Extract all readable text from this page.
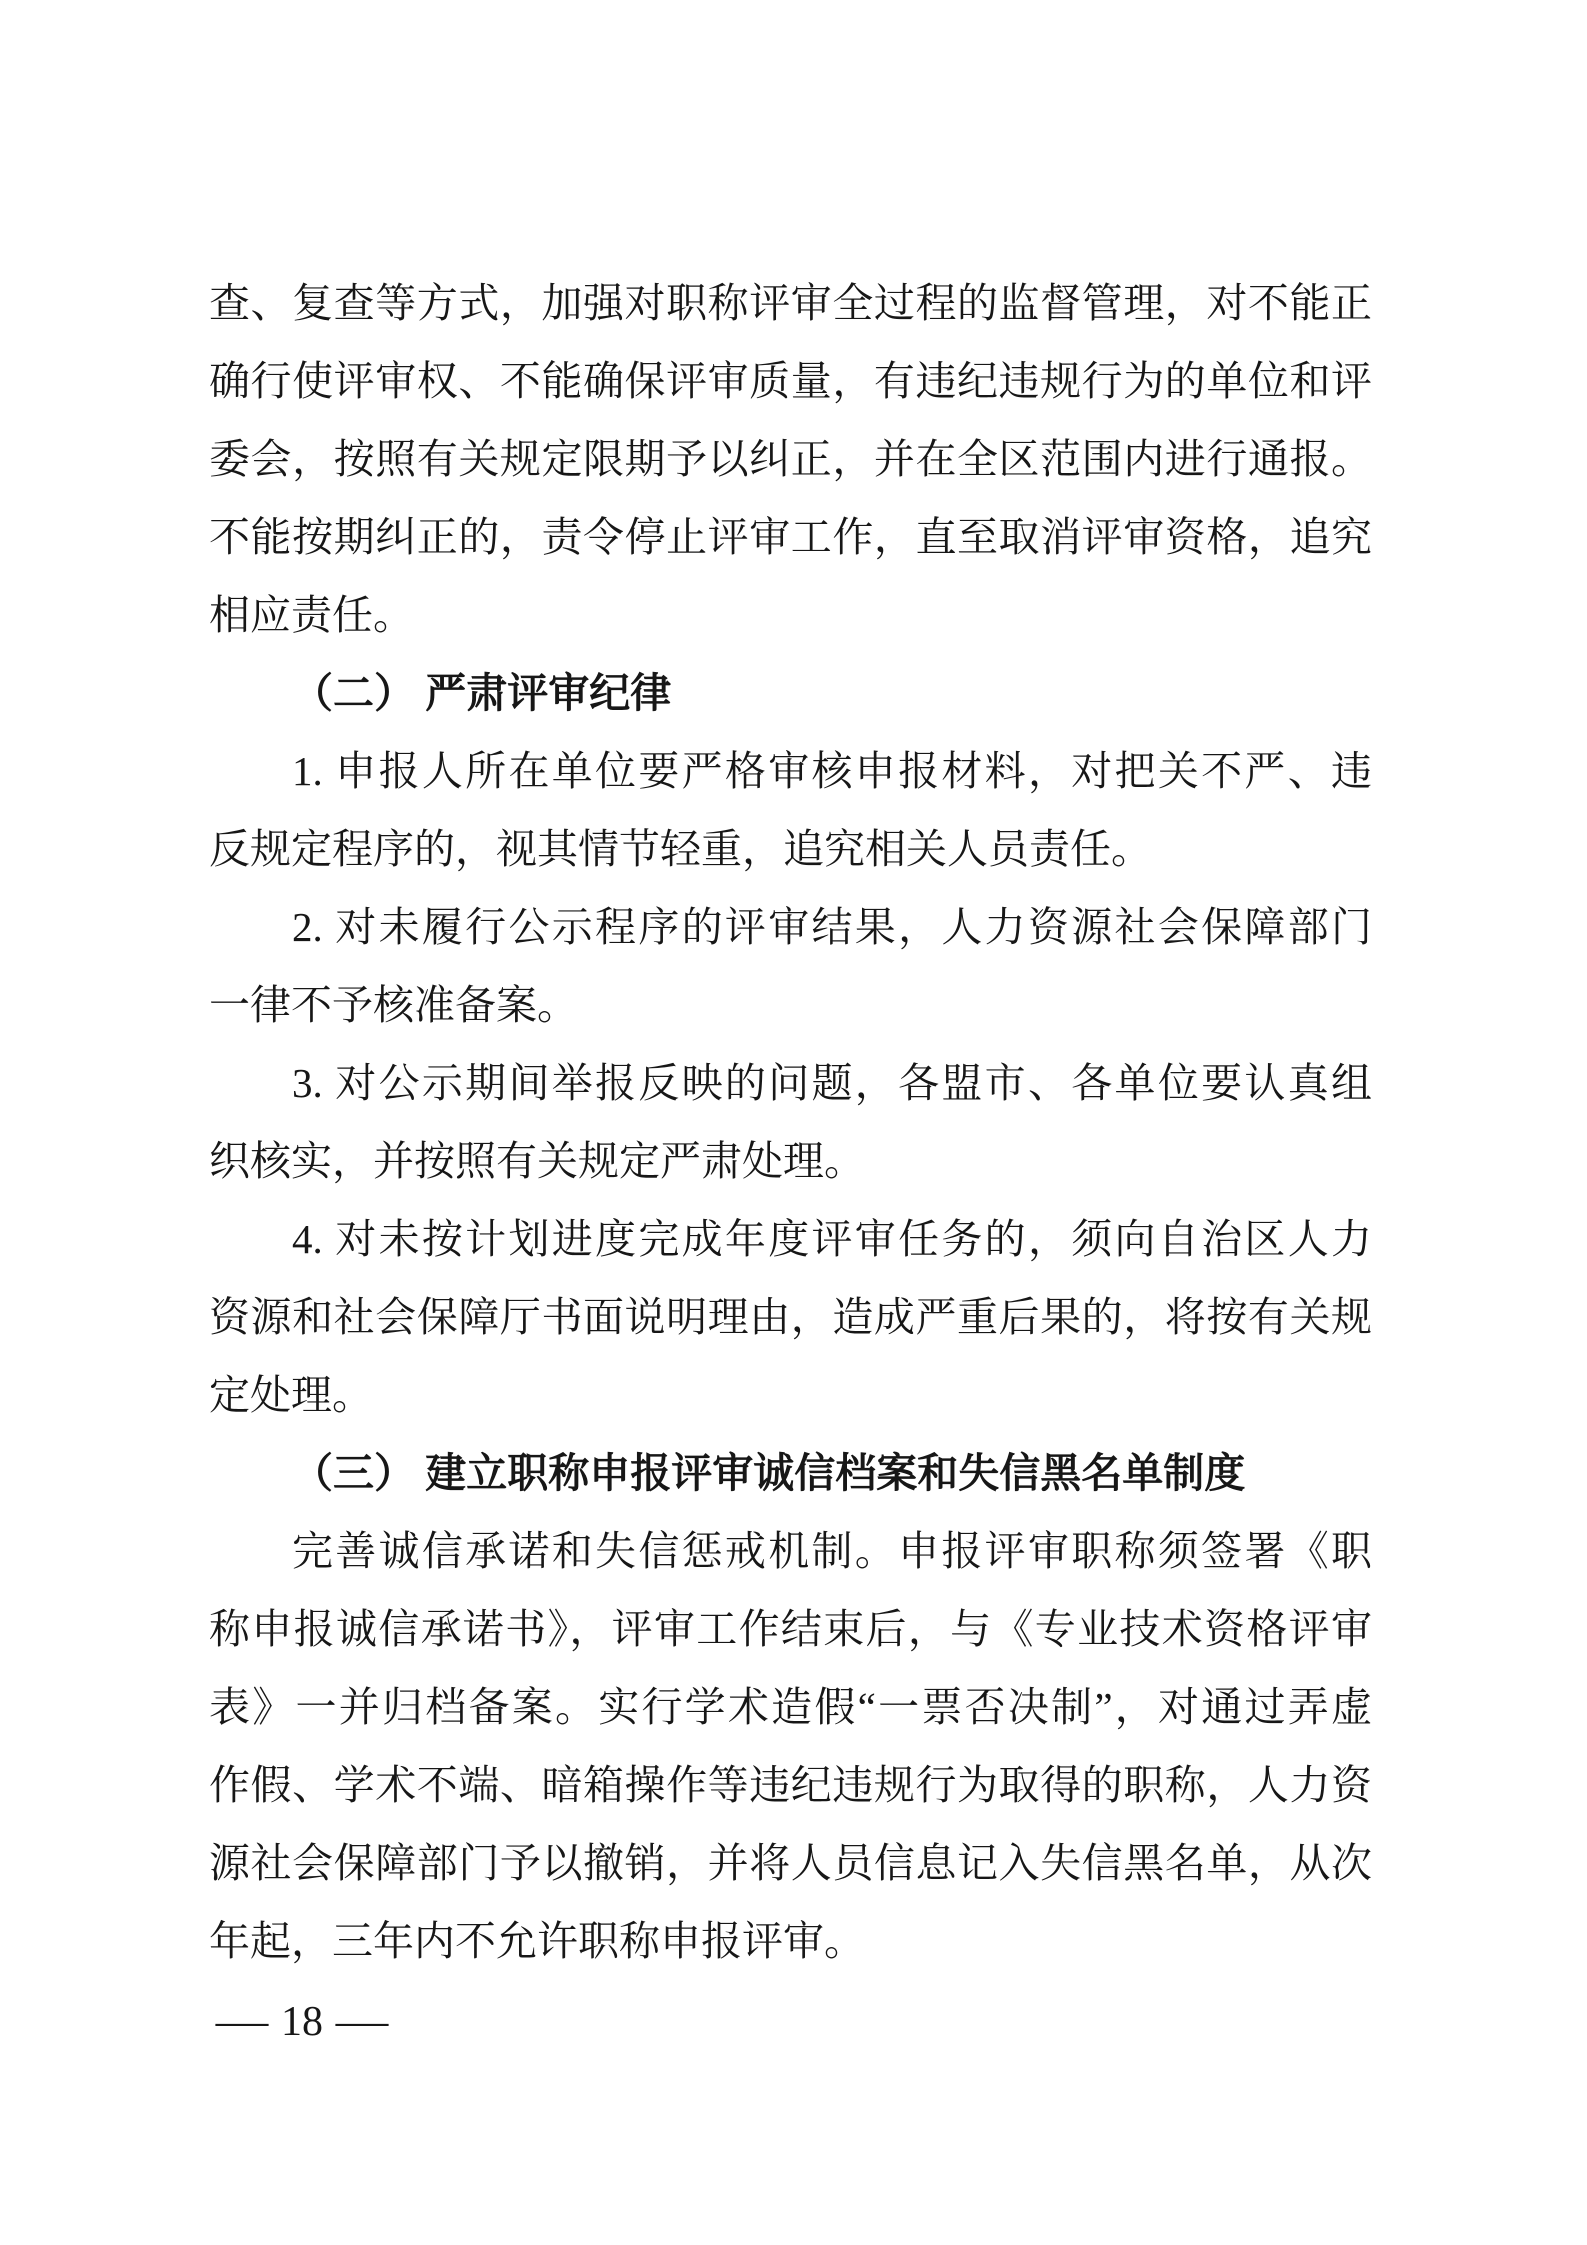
查、复查等方式，加强对职称评审全过程的监督管理，对不能正
确行使评审权、不能确保评审质量，有违纪违规行为的单位和评
委会，按照有关规定限期予以纠正，并在全区范围内进行通报。
不能按期纠正的，责令停止评审工作，直至取消评审资格，追究
相应责任。
（二） 严肃评审纪律
1. 申报人所在单位要严格审核申报材料，对把关不严、违
反规定程序的，视其情节轻重，追究相关人员责任。
2. 对未履行公示程序的评审结果，人力资源社会保障部门
一律不予核准备案。
3. 对公示期间举报反映的问题，各盟市、各单位要认真组
织核实，并按照有关规定严肃处理。
4. 对未按计划进度完成年度评审任务的，须向自治区人力
资源和社会保障厅书面说明理由，造成严重后果的，将按有关规
定处理。
（三） 建立职称申报评审诚信档案和失信黑名单制度
完善诚信承诺和失信惩戒机制。申报评审职称须签署《职
称申报诚信承诺书》，评审工作结束后，与《专业技术资格评审
表》一并归档备案。实行学术造假“一票否决制”，对通过弄虚
作假、学术不端、暗箱操作等违纪违规行为取得的职称，人力资
源社会保障部门予以撤销，并将人员信息记入失信黑名单，从次
年起，三年内不允许职称申报评审。
— 18 —
